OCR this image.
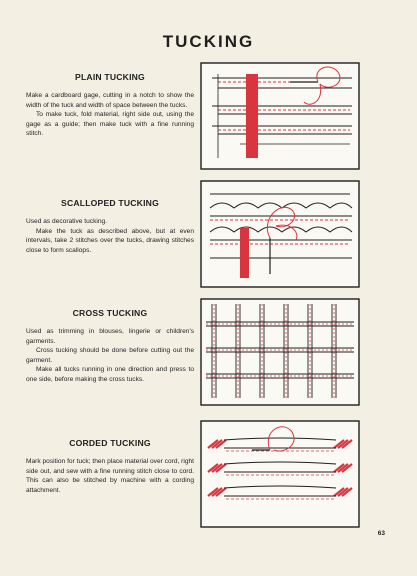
TUCKING
PLAIN TUCKING

Make a cardboard gage, cutting in a notch to show the width of the tuck and width of space between the tucks.

To make tuck, fold material, right side out, using the gage as a guide; then make tuck with a fine running stitch.

SCALLOPED TUCKING

Used as decorative tucking.

Make the tuck as described above, but at even intervals, take 2 stitches over the tucks, drawing stitches close to form scallops.

CROSS TUCKING

Used as trimming in blouses, lingerie or children's garments.

Cross tucking should be done before cutting out the garment.

Make all tucks running in one direction and press to one side, before making the cross tucks.

CORDED TUCKING

Mark position for tuck; then place material over cord, right side out, and sew with a fine running stitch close to cord. This can also be stitched by machine with a cording attachment.

63
